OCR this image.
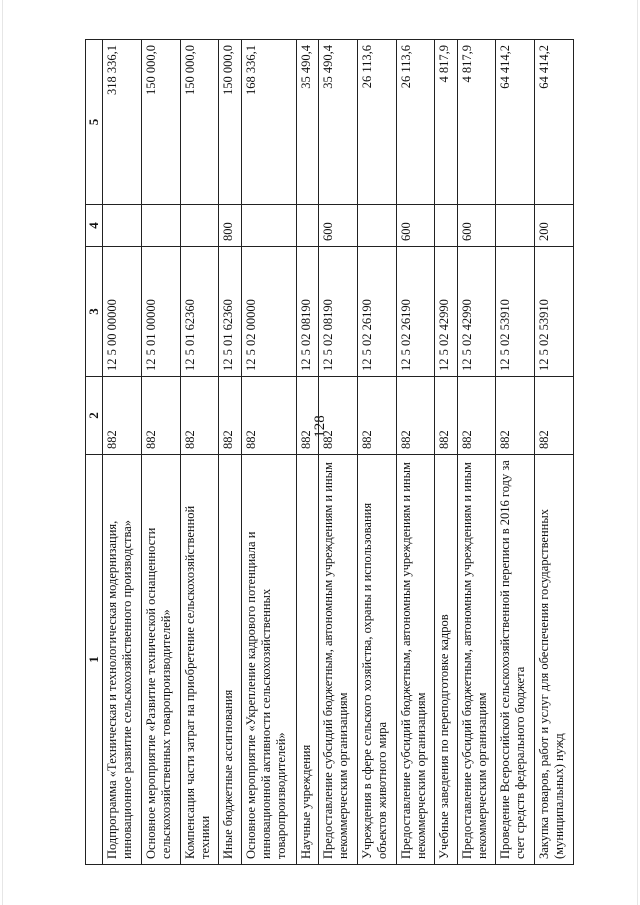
128
1	2	3	4	5
Подпрограмма «Техническая и технологическая модернизация, инновационное развитие сельскохозяйственного производства»	882	12 5 00 00000		318 336,1
Основное мероприятие «Развитие технической оснащенности сельскохозяйственных товаропроизводителей»	882	12 5 01 00000		150 000,0
Компенсация части затрат на приобретение сельскохозяйственной техники	882	12 5 01 62360		150 000,0
Иные бюджетные ассигнования	882	12 5 01 62360	800	150 000,0
Основное мероприятие «Укрепление кадрового потенциала и инновационной активности сельскохозяйственных товаропроизводителей»	882	12 5 02 00000		168 336,1
Научные учреждения	882	12 5 02 08190		35 490,4
Предоставление субсидий бюджетным, автономным учреждениям и иным некоммерческим организациям	882	12 5 02 08190	600	35 490,4
Учреждения в сфере сельского хозяйства, охраны и использования объектов животного мира	882	12 5 02 26190		26 113,6
Предоставление субсидий бюджетным, автономным учреждениям и иным некоммерческим организациям	882	12 5 02 26190	600	26 113,6
Учебные заведения по переподготовке кадров	882	12 5 02 42990		4 817,9
Предоставление субсидий бюджетным, автономным учреждениям и иным некоммерческим организациям	882	12 5 02 42990	600	4 817,9
Проведение Всероссийской сельскохозяйственной переписи в 2016 году за счет средств федерального бюджета	882	12 5 02 53910		64 414,2
Закупка товаров, работ и услуг для обеспечения государственных (муниципальных) нужд	882	12 5 02 53910	200	64 414,2
